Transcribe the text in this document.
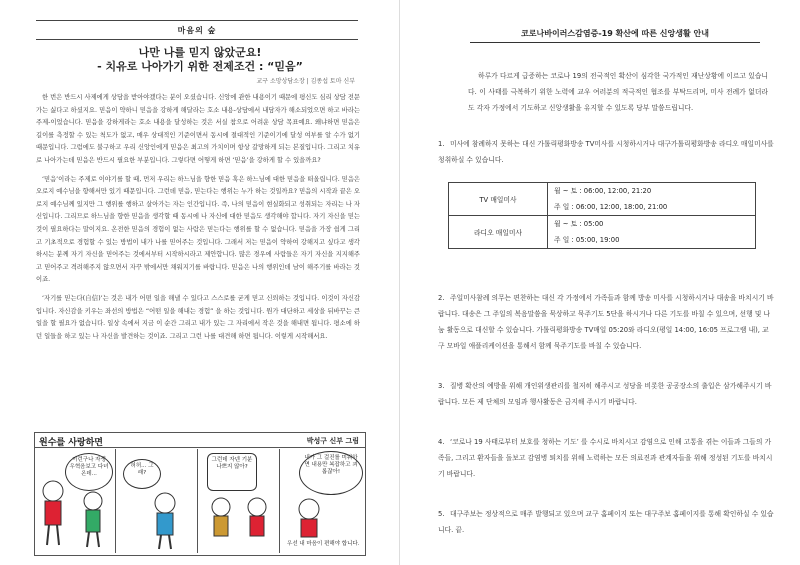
마음의 숲
나만 나를 믿지 않았군요!
- 치유로 나아가기 위한 전제조건 : “믿음”
교구 소망상담소장 | 김종섭 토마 신부

한 번은 반드시 사제에게 상담을 받아야겠다는 분이 오셨습니다. 신앙에 관한 내용이기 때문에 평신도 심리 상담 전문가는 싫다고 하셨지요. 믿음이 약하니 믿음을 강하게 해달라는 호소 내용-상담에서 내담자가 해소되었으면 하고 바라는 주제-이었습니다. 믿음을 강하게라는 호소 내용을 달성하는 것은 서실 참으로 어려운 상담 목표예요. 왜냐하면 믿음은 길이를 측정할 수 있는 척도가 없고, 매우 상대적인 기준이면서 동시에 절대적인 기준이기에 달성 여부를 알 수가 없기 때문입니다. 그럼에도 불구하고 우리 신앙인에게 믿음은 최고의 가치이며 항상 갈망하게 되는 본질입니다. 그리고 치유로 나아가는데 믿음은 반드시 필요한 부분입니다. 그렇다면 어떻게 하면 ‘믿음’을 강하게 할 수 있을까요?

‘믿음’이라는 주제로 이야기를 할 때, 먼저 우리는 하느님을 향한 믿음 혹은 하느님에 대한 믿음을 떠올립니다. 믿음은 오로지 예수님을 향해서만 있기 때문입니다. 그런데 믿음, 믿는다는 행위는 누가 하는 것일까요? 믿음의 시작과 끝은 오로지 예수님께 있지만 그 행위를 행하고 살아가는 자는 인간입니다. 즉, 나의 믿음이 현실화되고 성취되는 자리는 나 자신입니다. 그리므로 하느님을 향한 믿음을 생각할 때 동시에 나 자신에 대한 믿음도 생각해야 합니다. 자기 자신을 믿는 것이 필요하다는 말이지요. 온전한 믿음의 경험이 없는 사람은 믿는다는 행위를 할 수 없습니다. 믿음을 가장 쉽게 그리고 기초적으로 경험할 수 있는 방법이 내가 나를 믿어주는 것입니다. 그래서 저는 믿음이 약하여 강해지고 싶다고 생각하시는 분께 자기 자신을 믿어주는 것에서부터 시작하시라고 제안합니다. 많은 경우에 사람들은 자기 자신을 지지해주고 믿어주고 격려해주지 않으면서 자꾸 밖에서만 채워지기를 바랍니다. 믿음은 나의 행위인데 남이 해주기를 바라는 것이죠.

‘자기를 믿는다(自信)’는 것은 내가 어떤 일을 해낼 수 있다고 스스로를 굳게 믿고 신뢰하는 것입니다. 이것이 자신감입니다. 자신감을 키우는 좌선의 방법은 “어떤 일을 해내는 경험” 을 하는 것입니다. 뭔가 대단하고 세상을 뒤바꾸는 큰일을 할 필요가 없습니다. 일상 속에서 지금 이 순간 그리고 내가 있는 그 자리에서 작은 것을 해내면 됩니다. 평소에 하던 일들을 하고 있는 나 자신을 발견하는 것이죠. 그리고 그런 나를 대견해 하면 됩니다. 이렇게 시작해서요.

원수를 사랑하면	박성구 신부 그림
이런구나 자생 우혁음보고 다녀온데...
허허... 그래?
그런데 자넨 기분 나쁘지 않아?
내가 그 걸진를 미워하면 내용만 복잡하고 괴롭잖아!
우선 내 마음이 편해야 합니다.
코로나바이러스감염증-19 확산에 따른 신앙생활 안내
하루가 다르게 급증하는 코로나 19의 전국적인 확산이 심각한 국가적인 재난상황에 이르고 있습니다. 이 사태를 극복하기 위한 노력에 교우 여러분의 적극적인 협조를 부탁드리며, 미사 전례가 없더라도 각자 가정에서 기도하고 신앙생활을 유지할 수 있도록 당부 말씀드립니다.
1. 미사에 참례하지 못하는 대신 가톨릭평화방송 TV미사를 시청하시거나 대구가톨릭평화방송 라디오 매일미사를 청취하실 수 있습니다.
TV 매일미사	월 ~ 토 : 06:00, 12:00, 21:20
주 일 : 06:00, 12:00, 18:00, 21:00

라디오 매일미사	월 ~ 토 : 05:00
주 일 : 05:00, 19:00
2. 주일미사참례 의무는 편찬하는 대신 각 가정에서 가족들과 함께 방송 미사를 시청하시거나 대송을 바치시기 바랍니다. 대송은 그 주일의 복음말씀을 묵상하고 묵주기도 5단을 하시거나 다른 기도를 바칠 수 있으며, 선행 및 나눔 활동으로 대신할 수 있습니다. 가톨릭평화방송 TV매일 05:20와 라디오(평일 14:00, 16:05 프로그램 내), 교구 모바일 애플리케이션을 통해서 함께 묵주기도를 바칠 수 있습니다.
3. 질병 확산의 예방을 위해 개인위생관리를 철저히 해주시고 성당을 비롯한 공공장소의 출입은 삼가해주시기 바랍니다. 모든 제 단체의 모임과 행사활동은 금지해 주시기 바랍니다.
4. ‘코로나 19 사태로부터 보호를 청하는 기도’ 를 수시로 바치시고 감염으로 인해 고통을 겪는 이들과 그들의 가족들, 그리고 환자들을 돌보고 감염병 퇴치를 위해 노력하는 모든 의료진과 관계자들을 위해 정성된 기도를 바치시기 바랍니다.
5. 대구주보는 정상적으로 매주 발행되고 있으며 교구 홈페이지 또는 대구주보 홈페이지를 통해 확인하실 수 있습니다. 끝.
